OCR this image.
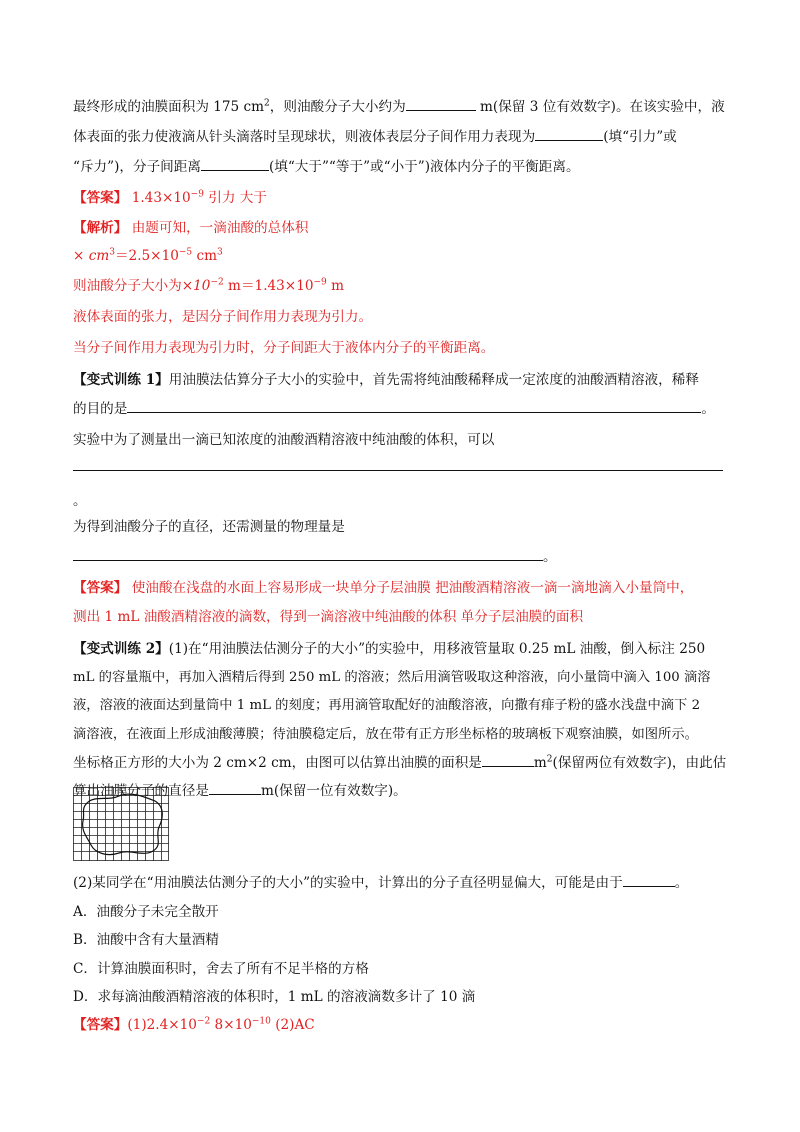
最终形成的油膜面积为 175 $cm^2$，则油酸分子大小约为	m(保留 3 位有效数字)。在该实验中，液
体表面的张力使液滴从针头滴落时呈现球状，则液体表层分子间作用力表现为	(填“引力”或
“斥力”)，分子间距离	(填“大于”“等于”或“小于”)液体内分子的平衡距离。
【答案】 $1.43\times 10^{-9}$ 引力 大于
【解析】 由题可知，一滴油酸的总体积
× $cm^3=2.5\times 10^{-5}$ $cm^3$
则油酸分子大小为$\times 10^{-2}$ $m=1.43\times 10^{-9}$ m
液体表面的张力，是因分子间作用力表现为引力。
当分子间作用力表现为引力时，分子间距大于液体内分子的平衡距离。
【变式训练 1】用油膜法估算分子大小的实验中，首先需将纯油酸稀释成一定浓度的油酸酒精溶液，稀释
的目的是	。
实验中为了测量出一滴已知浓度的油酸酒精溶液中纯油酸的体积，可以
。
为得到油酸分子的直径，还需测量的物理量是
。
【答案】 使油酸在浅盘的水面上容易形成一块单分子层油膜 把油酸酒精溶液一滴一滴地滴入小量筒中，
测出 1 mL 油酸酒精溶液的滴数，得到一滴溶液中纯油酸的体积 单分子层油膜的面积
【变式训练 2】(1)在“用油膜法估测分子的大小”的实验中，用移液管量取 0.25 mL 油酸，倒入标注 250
mL 的容量瓶中，再加入酒精后得到 250 mL 的溶液；然后用滴管吸取这种溶液，向小量筒中滴入 100 滴溶
液，溶液的液面达到量筒中 1 mL 的刻度；再用滴管取配好的油酸溶液，向撒有痱子粉的盛水浅盘中滴下 2
滴溶液，在液面上形成油酸薄膜；待油膜稳定后，放在带有正方形坐标格的玻璃板下观察油膜，如图所示。
坐标格正方形的大小为 2 cm×2 cm，由图可以估算出油膜的面积是	$m^2$(保留两位有效数字)，由此估
算出油膜分子的直径是	m(保留一位有效数字)。
(2)某同学在“用油膜法估测分子的大小”的实验中，计算出的分子直径明显偏大，可能是由于	。
A．油酸分子未完全散开
B．油酸中含有大量酒精
C．计算油膜面积时，舍去了所有不足半格的方格
D．求每滴油酸酒精溶液的体积时，1 mL 的溶液滴数多计了 10 滴
【答案】$(1)2.4\times 10^{-2}$ $8\times 10^{-10}$ (2)AC
